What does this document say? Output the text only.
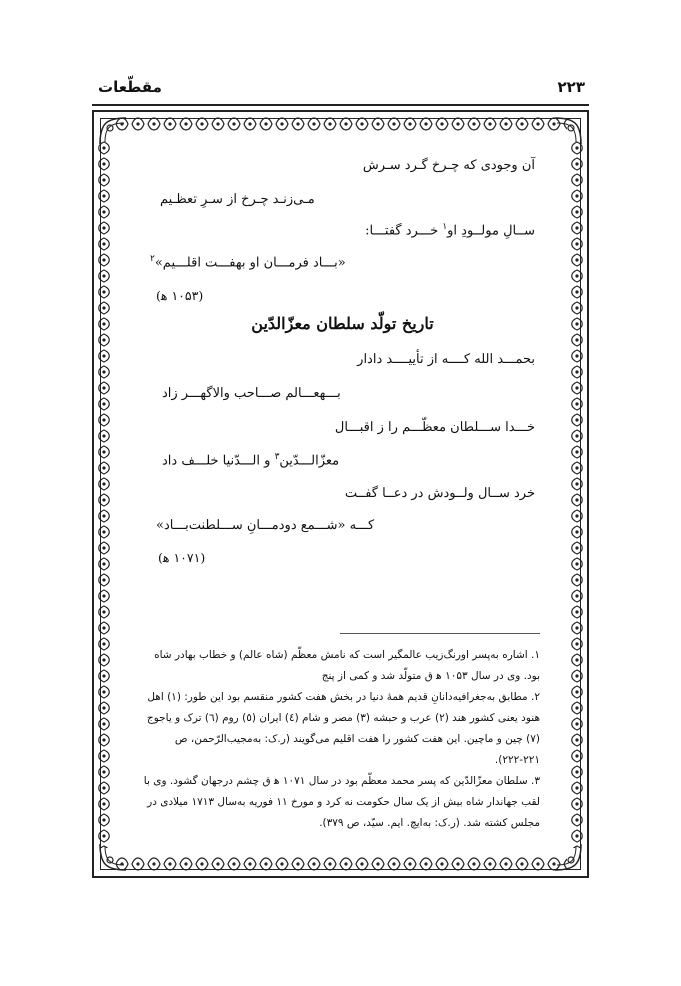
مقطّعات	۲۲۳
آن وجودی که چـرخ گـرد سـرش
مـی‌زنـد چـرخ از سـرِ تعظـیم
ســالِ مولــودِ او$^۱$ خـــرد گفتـــا:
«بـــاد فرمـــان او بهفـــت اقلـــیم»$^۲$
(۱۰۵۳ ﻫ)
تاریخ تولّد سلطان معزّالدّین
بحمـــد الله کــــه از تأییــــد دادار
بـــهعـــالم صـــاحب والاگهـــر زاد
خـــدا ســـلطان معظّـــم را ز اقبـــال
معزّالـــدّین$^۳$ و الـــدّنیا خلـــف داد
خرد ســال ولــودش در دعــا گفــت
کـــه «شـــمع دودمـــانِ ســـلطنت‌بـــاد»
(۱۰۷۱ ﻫ)

۱. اشاره به‌پسر اورنگ‌زیب عالمگیر است که نامش معظّم (شاه عالم) و خطاب بهادر شاه بود. وی در سال ۱۰۵۳ ﻫ ق متولّد شد و کمی از پنج

۲. مطابق به‌جغرافیه‌دانانِ قدیم همهٔ دنیا در بخش هفت کشور منقسم بود این طور: (۱) اهل هنود یعنی کشور هند (۲) عرب و حبشه (۳) مصر و شام (٤) ایران (٥) روم (٦) ترک و یاجوج (۷) چین و ماچین. این هفت کشور را هفت اقلیم می‌گویند (ر.ک: به‌مجیب‌الرّحمن، ص ۲۲۱-۲۲۲).

۳. سلطان معزّالدّین که پسر محمد معظّم بود در سال ۱۰۷۱ ﻫ ق چشم درجهان گشود. وی با لقب جهاندار شاه بیش از یک سال حکومت نه کرد و مورخ ۱۱ فوریه به‌سال ۱۷۱۳ میلادی در مجلس کشته شد. (ر.ک: به‌ایچ. ایم. سیّد، ص ۳۷۹).
